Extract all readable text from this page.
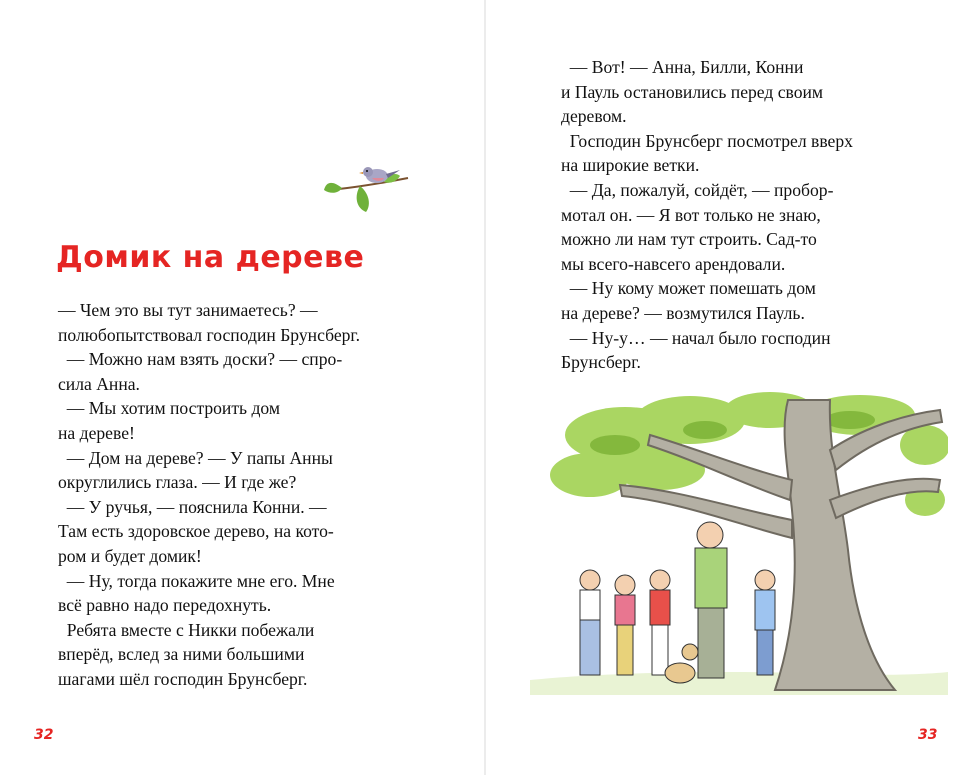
Домик на дереве

— Чем это вы тут занимаетесь? —

полюбопытствовал господин Брунсберг.

— Можно нам взять доски? — спро-

сила Анна.

— Мы хотим построить дом

на дереве!

— Дом на дереве? — У папы Анны

округлились глаза. — И где же?

— У ручья, — пояснила Конни. —

Там есть здоровское дерево, на кото-

ром и будет домик!

— Ну, тогда покажите мне его. Мне

всё равно надо передохнуть.

Ребята вместе с Никки побежали

вперёд, вслед за ними большими

шагами шёл господин Брунсберг.

32

— Вот! — Анна, Билли, Конни

и Пауль остановились перед своим

деревом.

Господин Брунсберг посмотрел вверх

на широкие ветки.

— Да, пожалуй, сойдёт, — пробор-

мотал он. — Я вот только не знаю,

можно ли нам тут строить. Сад-то

мы всего-навсего арендовали.

— Ну кому может помешать дом

на дереве? — возмутился Пауль.

— Ну-у… — начал было господин

Брунсберг.

33
